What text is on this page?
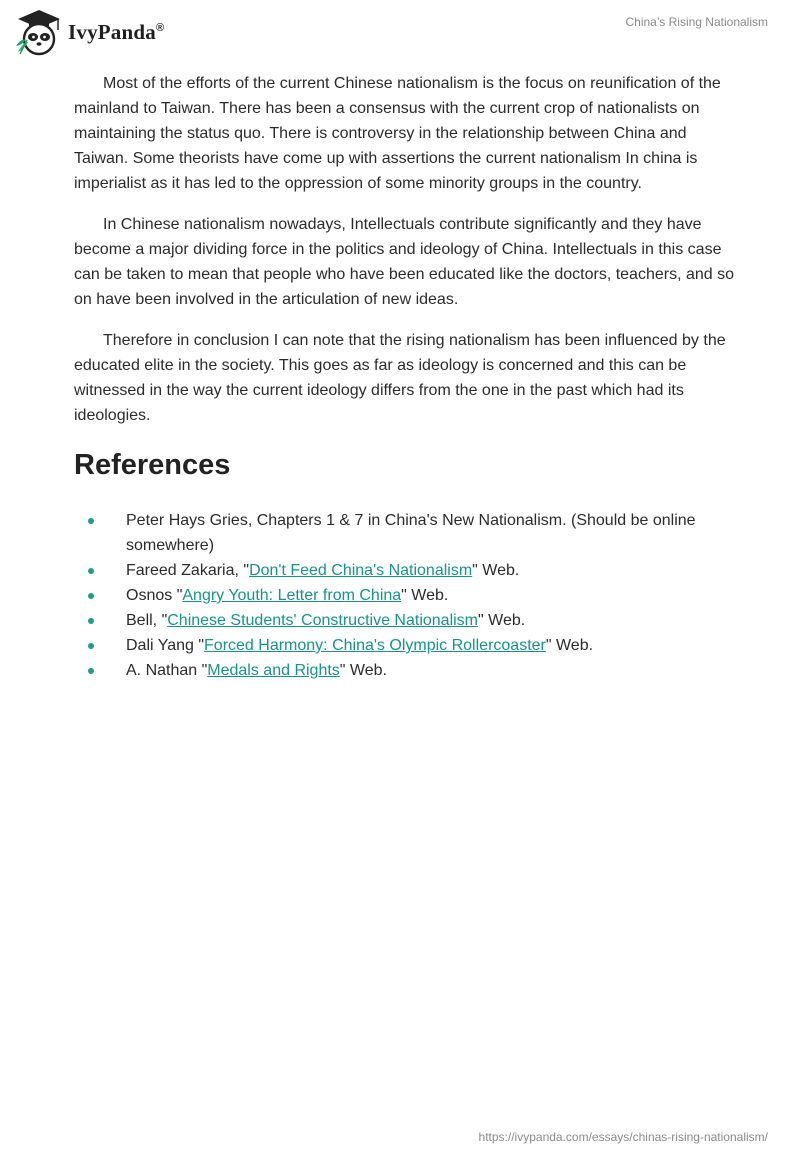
IvyPanda®	China’s Rising Nationalism

Most of the efforts of the current Chinese nationalism is the focus on reunification of the mainland to Taiwan. There has been a consensus with the current crop of nationalists on maintaining the status quo. There is controversy in the relationship between China and Taiwan. Some theorists have come up with assertions the current nationalism In china is imperialist as it has led to the oppression of some minority groups in the country.

In Chinese nationalism nowadays, Intellectuals contribute significantly and they have become a major dividing force in the politics and ideology of China. Intellectuals in this case can be taken to mean that people who have been educated like the doctors, teachers, and so on have been involved in the articulation of new ideas.

Therefore in conclusion I can note that the rising nationalism has been influenced by the educated elite in the society. This goes as far as ideology is concerned and this can be witnessed in the way the current ideology differs from the one in the past which had its ideologies.

References
Peter Hays Gries, Chapters 1 & 7 in China's New Nationalism. (Should be online somewhere)
Fareed Zakaria, "Don't Feed China's Nationalism" Web.
Osnos "Angry Youth: Letter from China" Web.
Bell, "Chinese Students' Constructive Nationalism" Web.
Dali Yang "Forced Harmony: China's Olympic Rollercoaster" Web.
A. Nathan "Medals and Rights" Web.
https://ivypanda.com/essays/chinas-rising-nationalism/
